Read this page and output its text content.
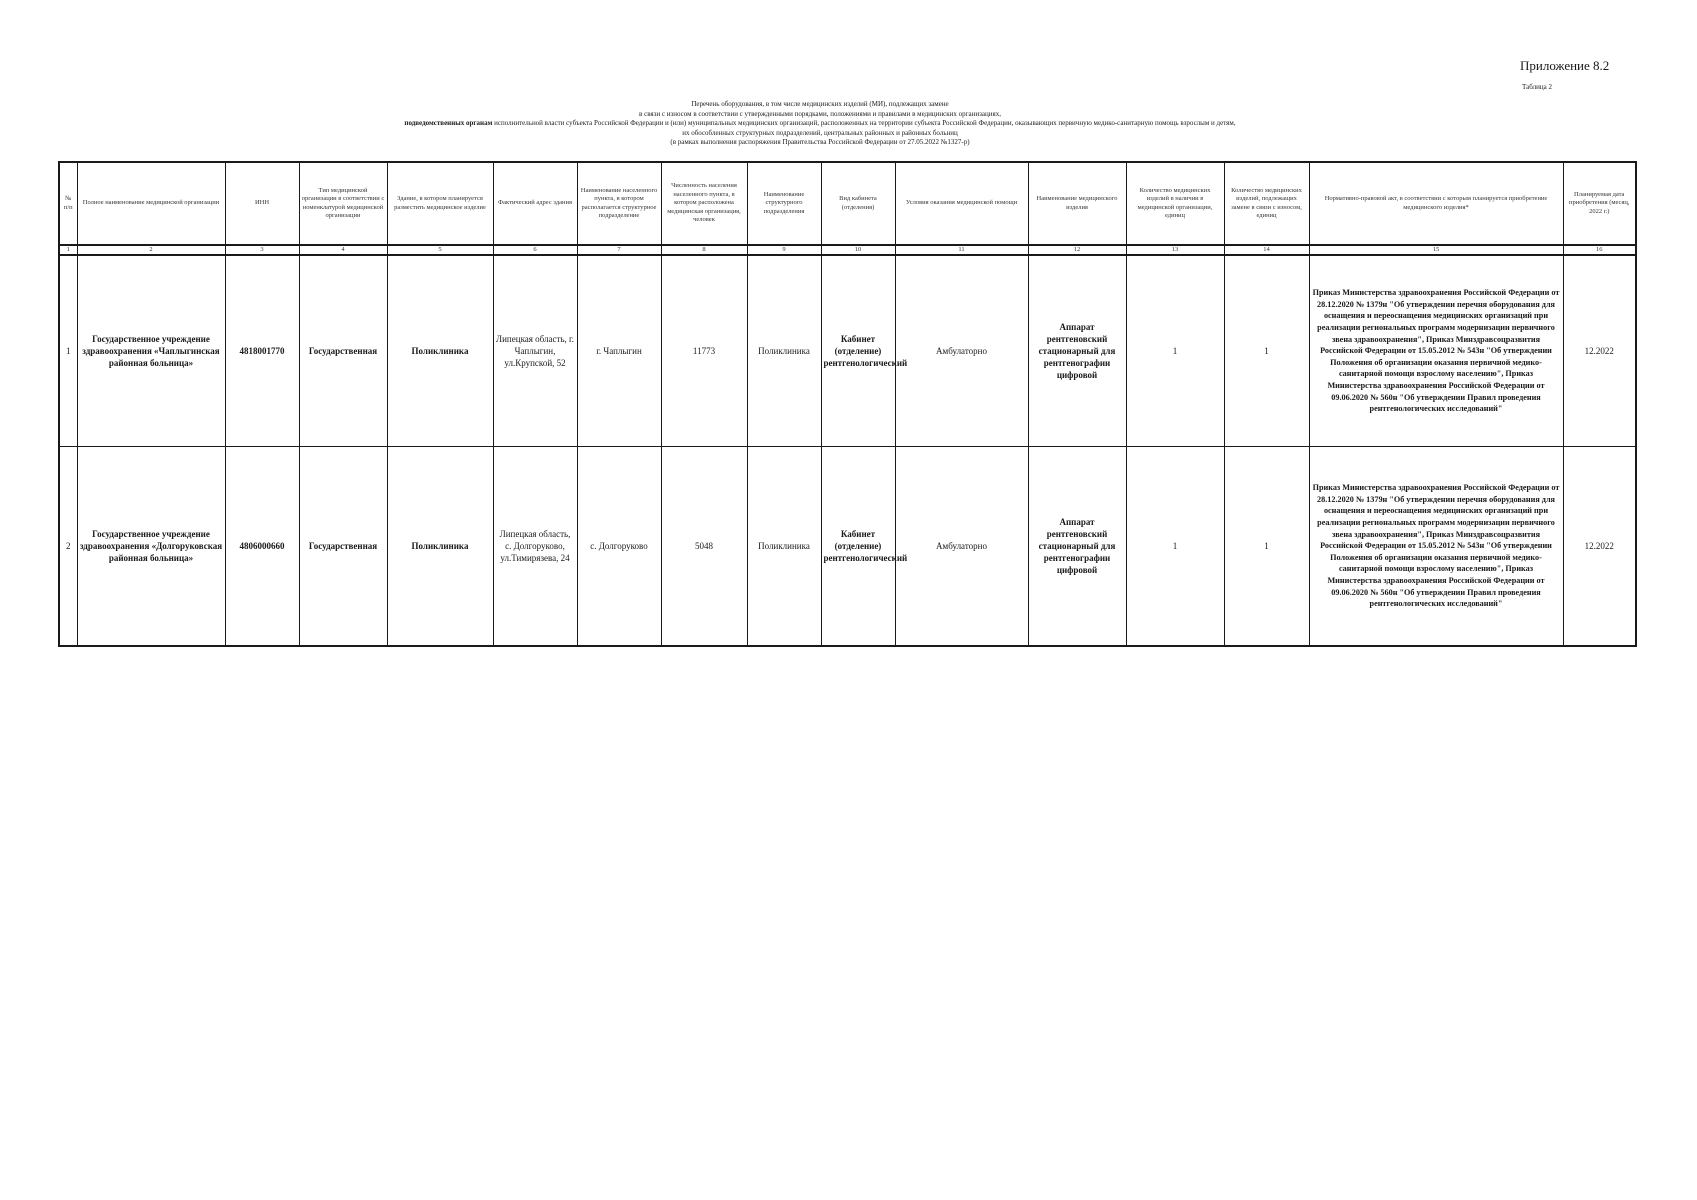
Приложение 8.2
Таблица 2
Перечень оборудования, в том числе медицинских изделий (МИ), подлежащих замене
в связи с износом в соответствии с утвержденными порядками, положениями и правилами в медицинских организациях,
подведомственных органам исполнительной власти субъекта Российской Федерации и (или) муниципальных медицинских организаций, расположенных на территории субъекта Российской Федерации, оказывающих первичную медико-санитарную помощь взрослым и детям,
их обособленных структурных подразделений, центральных районных и районных больниц
(в рамках выполнения распоряжения Правительства Российской Федерации от 27.05.2022 №1327-р)
№ п/п	Полное наименование медицинской организации	ИНН	Тип медицинской организации в соответствии с номенклатурой медицинской организации	Здание, в котором планируется разместить медицинское изделие	Фактический адрес здания	Наименование населенного пункта, в котором располагается структурное подразделение	Численность населения населенного пункта, в котором расположена медицинская организация, человек	Наименование структурного подразделения	Вид кабинета (отделения)	Условия оказания медицинской помощи	Наименование медицинского изделия	Количество медицинских изделий в наличии в медицинской организации, единиц	Количество медицинских изделий, подлежащих замене в связи с износом, единиц	Нормативно-правовой акт, в соответствии с которым планируется приобретение медицинского изделия*	Планируемая дата приобретения (месяц, 2022 г.)
1	2	3	4	5	6	7	8	9	10	11	12	13	14	15	16
1	Государственное учреждение здравоохранения «Чаплыгинская районная больница»	4818001770	Государственная	Поликлиника	Липецкая область, г. Чаплыгин, ул.Крупской, 52	г. Чаплыгин	11773	Поликлиника	Кабинет (отделение) рентгенологический	Амбулаторно	Аппарат рентгеновский стационарный для рентгенографии цифровой	1	1	Приказ Министерства здравоохранения Российской Федерации от 28.12.2020 № 1379н "Об утверждении перечня оборудования для оснащения и переоснащения медицинских организаций при реализации региональных программ модернизации первичного звена здравоохранения", Приказ Минздравсоцразвития Российской Федерации от 15.05.2012 № 543н "Об утверждении Положения об организации оказания первичной медико-санитарной помощи взрослому населению", Приказ Министерства здравоохранения Российской Федерации от 09.06.2020 № 560н "Об утверждении Правил проведения рентгенологических исследований"	12.2022
2	Государственное учреждение здравоохранения «Долгоруковская районная больница»	4806000660	Государственная	Поликлиника	Липецкая область, с. Долгоруково, ул.Тимирязева, 24	с. Долгоруково	5048	Поликлиника	Кабинет (отделение) рентгенологический	Амбулаторно	Аппарат рентгеновский стационарный для рентгенографии цифровой	1	1	Приказ Министерства здравоохранения Российской Федерации от 28.12.2020 № 1379н "Об утверждении перечня оборудования для оснащения и переоснащения медицинских организаций при реализации региональных программ модернизации первичного звена здравоохранения", Приказ Минздравсоцразвития Российской Федерации от 15.05.2012 № 543н "Об утверждении Положения об организации оказания первичной медико-санитарной помощи взрослому населению", Приказ Министерства здравоохранения Российской Федерации от 09.06.2020 № 560н "Об утверждении Правил проведения рентгенологических исследований"	12.2022
